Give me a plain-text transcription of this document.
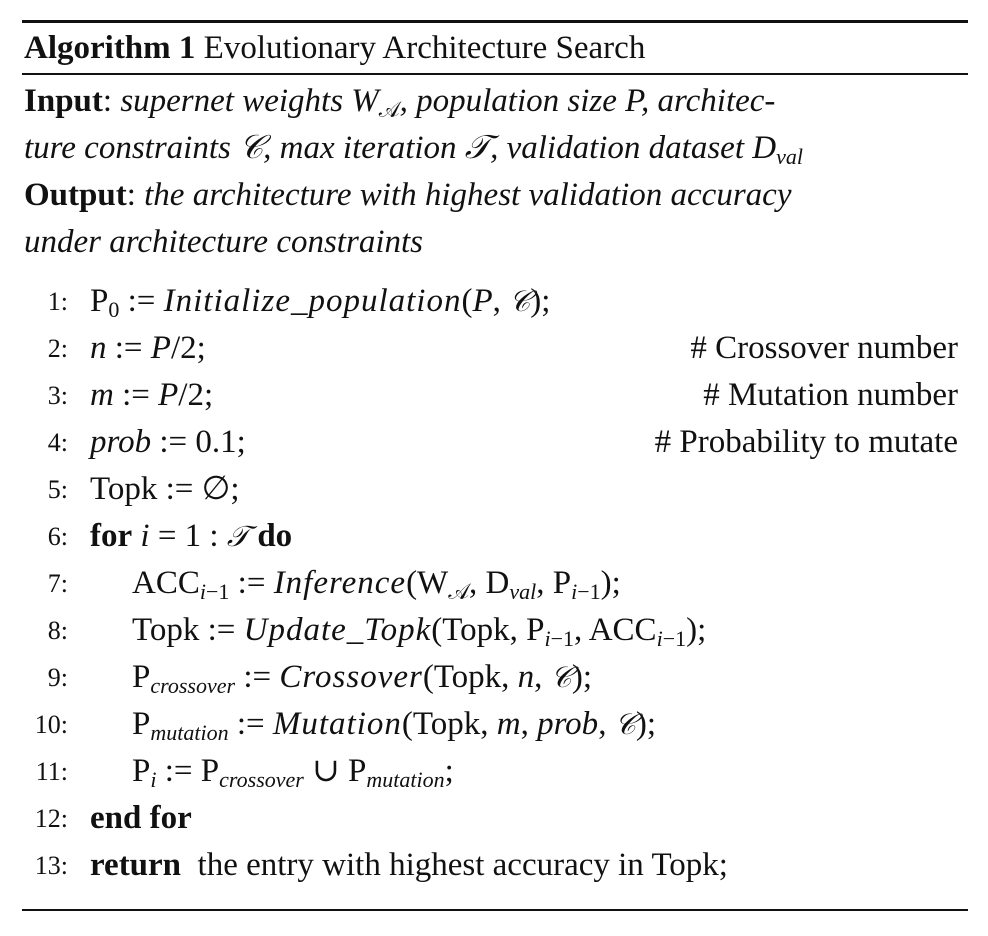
Algorithm 1 Evolutionary Architecture Search
Input: supernet weights $W_𝒜$, population size P, architec-
ture constraints 𝒞, max iteration 𝒯, validation dataset $D_{val}$
Output: the architecture with highest validation accuracy
under architecture constraints
1: $P_0$ := Initialize_population(P, 𝒞);
2: n := P/2;	# Crossover number
3: m := P/2;	# Mutation number
4: prob := 0.1;	# Probability to mutate
5: Topk := ∅;
6: for i = 1 : 𝒯 do
7: $ACC_{i-1}$ := $Inference(W_𝒜$, $D_{val}$, $P_{i-1}$);
8: Topk := Update_Topk(Topk, $P_{i-1}$, $ACC_{i-1}$);
9: $P_{crossover}$ := Crossover(Topk, n, 𝒞);
10: $P_{mutation}$ := Mutation(Topk, m, prob, 𝒞);
11: $P_i$ := $P_{crossover}$ ∪ $P_{mutation}$;
12: end for
13: return the entry with highest accuracy in Topk;
